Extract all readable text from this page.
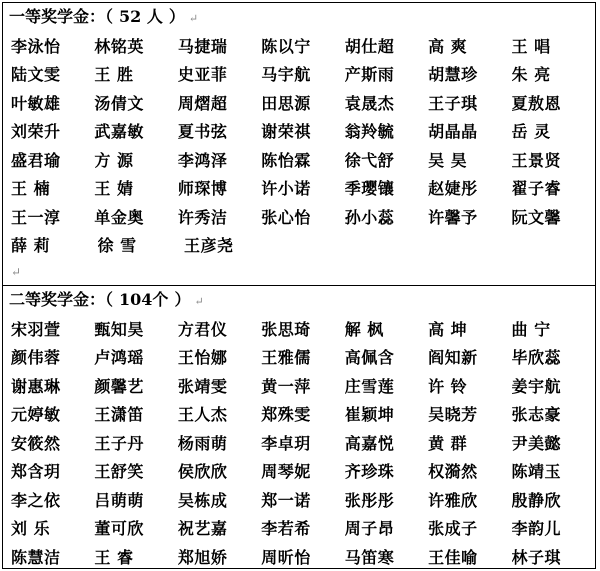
一等奖学金：（ 52 人 ） ↵
李泳怡	林铭英	马捷瑞	陈以宁	胡仕超	高 爽	王 唱
陆文雯	王 胜	史亚菲	马宇航	产斯雨	胡慧珍	朱 亮
叶敏雄	汤倩文	周熠超	田思源	袁晟杰	王子琪	夏敖恩
刘荣升	武嘉敏	夏书弦	谢荣祺	翁羚毓	胡晶晶	岳 灵
盛君瑜	方 源	李鸿泽	陈怡霖	徐弋舒	吴 昊	王景贤
王 楠	王 婧	师琛博	许小诺	季璎镶	赵婕彤	翟子睿
王一淳	单金奥	许秀洁	张心怡	孙小蕊	许馨予	阮文馨
薛 莉	徐 雪	王彦尧
↵
二等奖学金：（ 104个 ） ↵
宋羽萱	甄知昊	方君仪	张思琦	解 枫	高 坤	曲 宁
颜伟蓉	卢鸿瑶	王怡娜	王雅儒	高佩含	阎知新	毕欣蕊
谢惠琳	颜馨艺	张靖雯	黄一萍	庄雪莲	许 铃	姜宇航
元婷敏	王潇笛	王人杰	郑殊雯	崔颖坤	吴晓芳	张志豪
安筱然	王子丹	杨雨萌	李卓玥	高嘉悦	黄 群	尹美懿
郑含玥	王舒笑	侯欣欣	周琴妮	齐珍珠	权漪然	陈靖玉
李之依	吕萌萌	吴栋成	郑一诺	张彤彤	许雅欣	殷静欣
刘 乐	董可欣	祝艺嘉	李若希	周子昂	张成子	李韵儿
陈慧洁	王 睿	郑旭娇	周昕怡	马笛寒	王佳喻	林子琪
